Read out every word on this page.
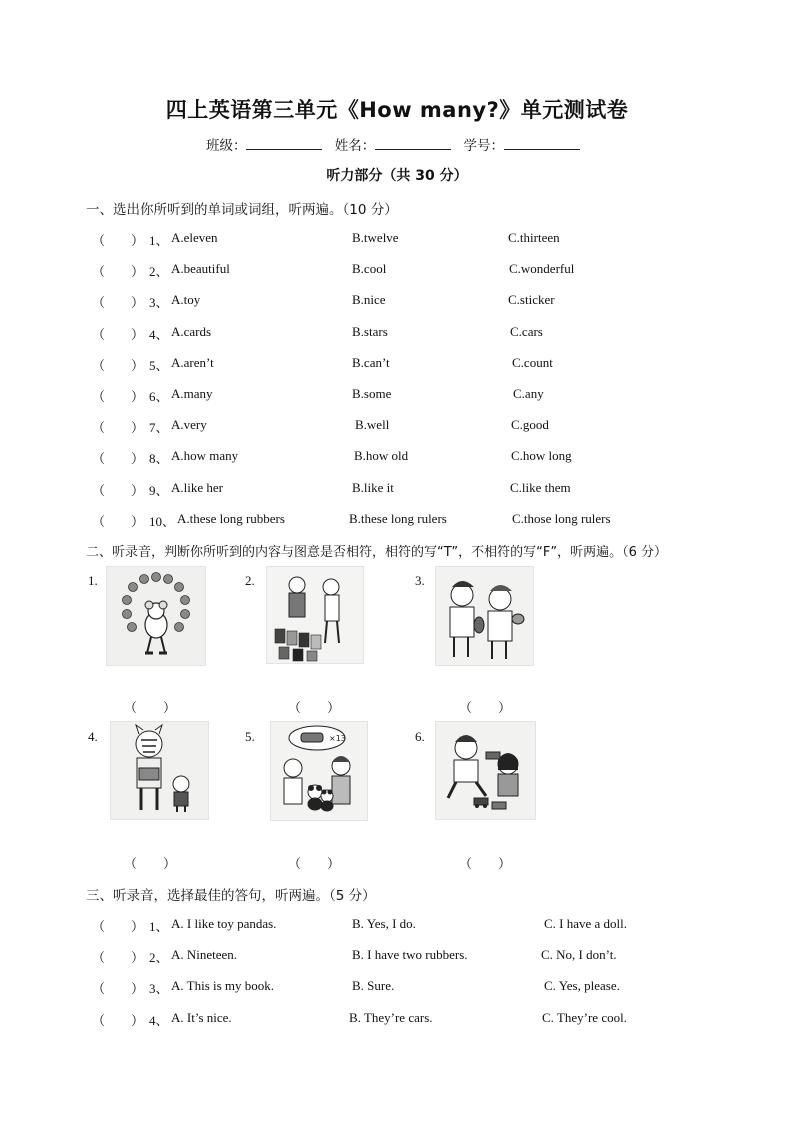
四上英语第三单元《How many?》单元测试卷
班级：	姓名：	学号：
听力部分（共 30 分）
一、选出你所听到的单词或词组，听两遍。（10 分）
（　　） 1、 A.eleven	B.twelve	C.thirteen
（　　） 2、 A.beautiful	B.cool	C.wonderful
（　　） 3、 A.toy	B.nice	C.sticker
（　　） 4、 A.cards	B.stars	C.cars
（　　） 5、 A.aren’t	B.can’t	C.count
（　　） 6、 A.many	B.some	C.any
（　　） 7、 A.very	B.well	C.good
（　　） 8、 A.how many	B.how old	C.how long
（　　） 9、 A.like her	B.like it	C.like them
（　　） 10、 A.these long rubbers	B.these long rulers	C.those long rulers
二、听录音，判断你所听到的内容与图意是否相符，相符的写“T”，不相符的写“F”，听两遍。（6 分）
1.	2.	3.
4.	5.	6.
×13
（　　）	（　　）	（　　）
（　　）	（　　）	（　　）
三、听录音，选择最佳的答句，听两遍。（5 分）
（　　） 1、 A. I like toy pandas.	B. Yes, I do.	C. I have a doll.
（　　） 2、 A. Nineteen.	B. I have two rubbers.	C. No, I don’t.
（　　） 3、 A. This is my book.	B. Sure.	C. Yes, please.
（　　） 4、 A. It’s nice.	B. They’re cars.	C. They’re cool.
